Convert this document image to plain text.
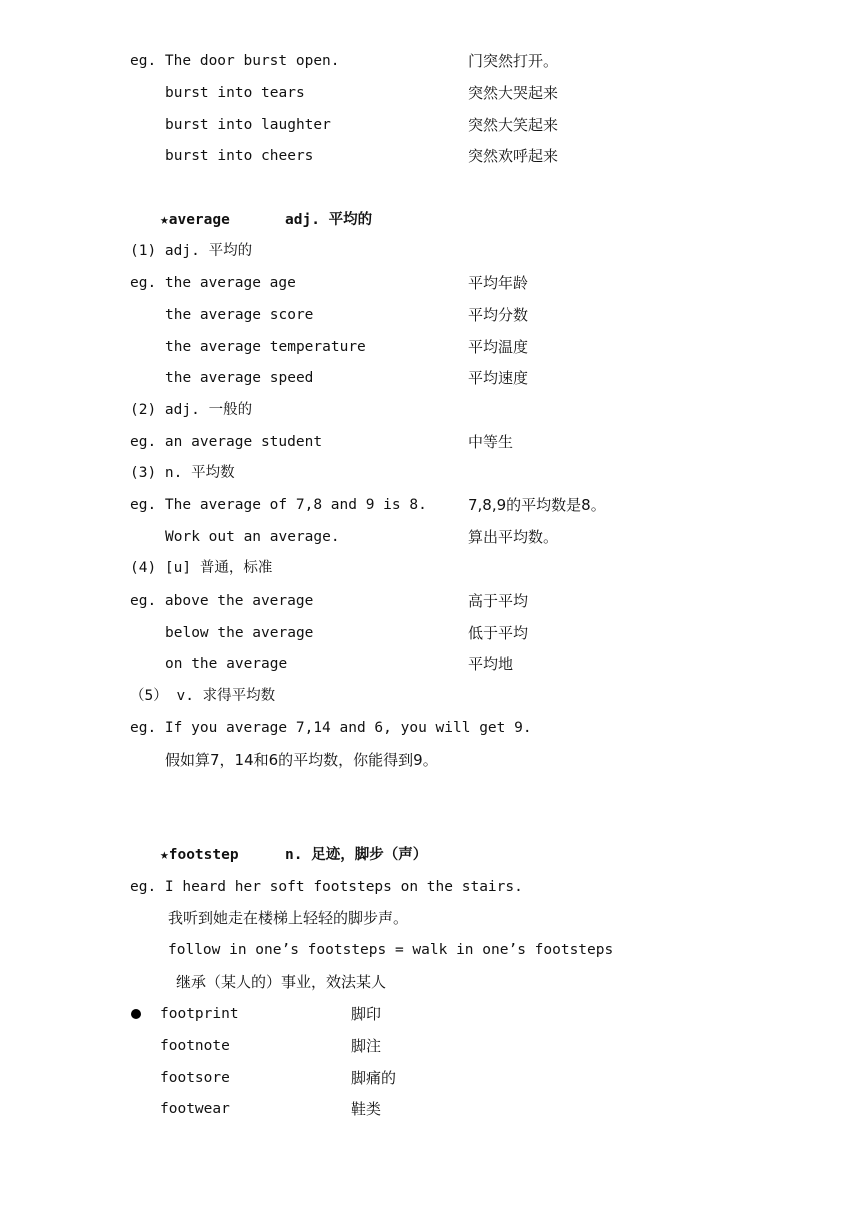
eg. The door burst open.	门突然打开。
burst into tears	突然大哭起来
burst into laughter	突然大笑起来
burst into cheers	突然欢呼起来
★average	adj. 平均的
(1) adj. 平均的
eg. the average age	平均年龄
the average score	平均分数
the average temperature	平均温度
the average speed	平均速度
(2) adj. 一般的
eg. an average student	中等生
(3) n. 平均数
eg. The average of 7,8 and 9 is 8.	7,8,9的平均数是8。
Work out an average.	算出平均数。
(4) [u] 普通，标准
eg. above the average	高于平均
below the average	低于平均
on the average	平均地
（5） v. 求得平均数
eg. If you average 7,14 and 6, you will get 9.
假如算7，14和6的平均数，你能得到9。
★footstep	n. 足迹，脚步（声）
eg. I heard her soft footsteps on the stairs.
我听到她走在楼梯上轻轻的脚步声。
follow in one’s footsteps = walk in one’s footsteps
继承（某人的）事业，效法某人
footprint	脚印
footnote	脚注
footsore	脚痛的
footwear	鞋类
